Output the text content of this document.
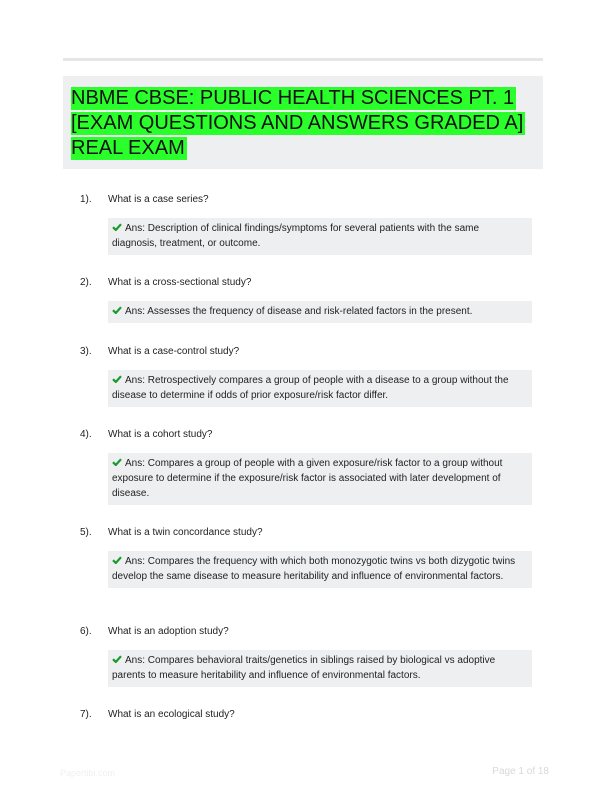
NBME CBSE: PUBLIC HEALTH SCIENCES PT. 1 [EXAM QUESTIONS AND ANSWERS GRADED A] REAL EXAM
1).	What is a case series?
Ans: Description of clinical findings/symptoms for several patients with the same diagnosis, treatment, or outcome.
2).	What is a cross-sectional study?
Ans: Assesses the frequency of disease and risk-related factors in the present.
3).	What is a case-control study?
Ans: Retrospectively compares a group of people with a disease to a group without the disease to determine if odds of prior exposure/risk factor differ.
4).	What is a cohort study?
Ans: Compares a group of people with a given exposure/risk factor to a group without exposure to determine if the exposure/risk factor is associated with later development of disease.
5).	What is a twin concordance study?
Ans: Compares the frequency with which both monozygotic twins vs both dizygotic twins develop the same disease to measure heritability and influence of environmental factors.
6).	What is an adoption study?
Ans: Compares behavioral traits/genetics in siblings raised by biological vs adoptive parents to measure heritability and influence of environmental factors.
7).	What is an ecological study?
Papertibi.com	Page 1 of 18
